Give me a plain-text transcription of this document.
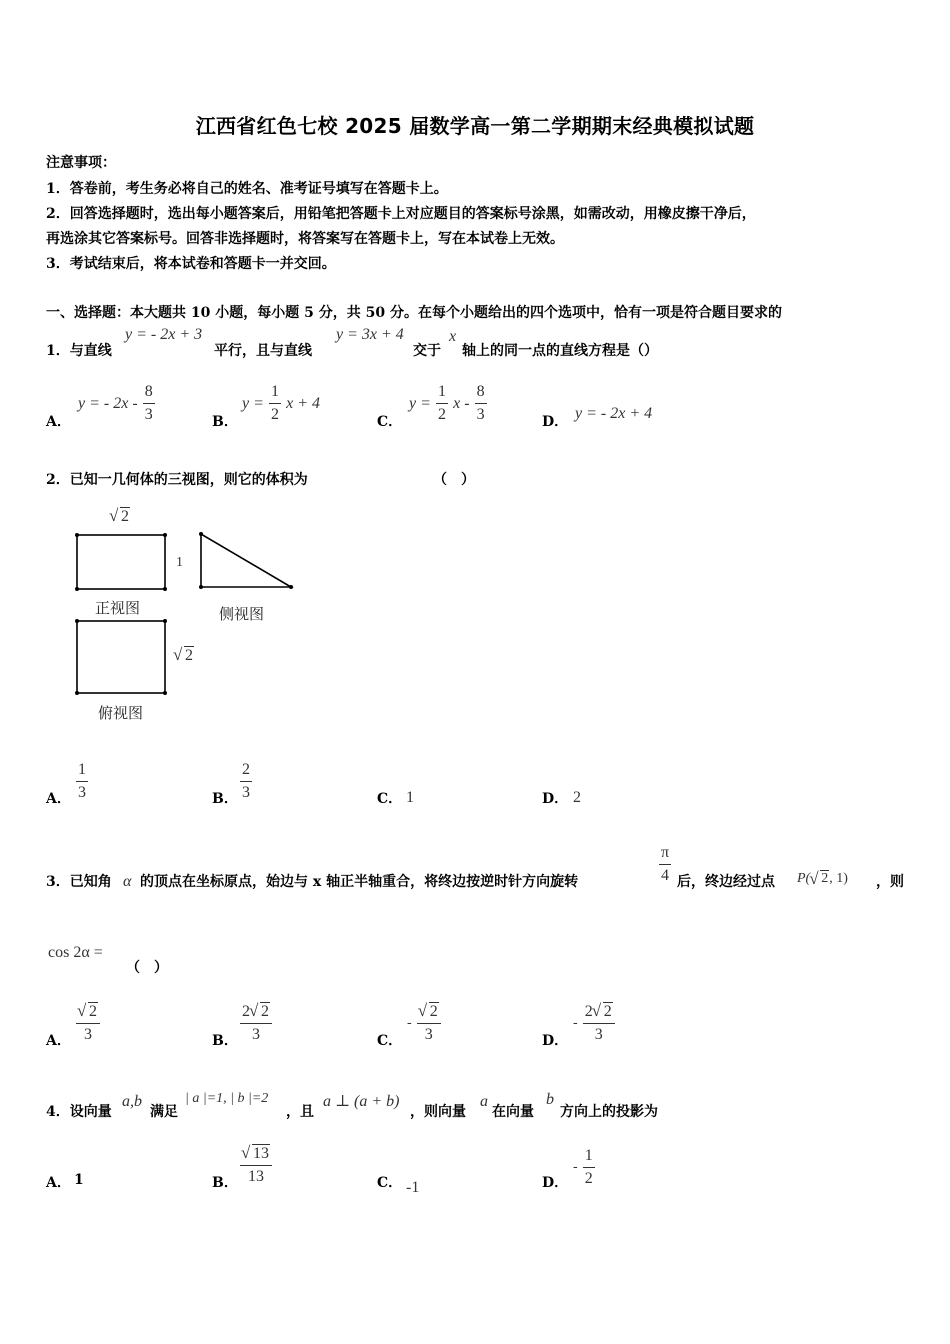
江西省红色七校 2025 届数学高一第二学期期末经典模拟试题
注意事项：
1．答卷前，考生务必将自己的姓名、准考证号填写在答题卡上。
2．回答选择题时，选出每小题答案后，用铅笔把答题卡上对应题目的答案标号涂黑，如需改动，用橡皮擦干净后，
再选涂其它答案标号。回答非选择题时，将答案写在答题卡上，写在本试卷上无效。
3．考试结束后，将本试卷和答题卡一并交回。
一、选择题：本大题共 10 小题，每小题 5 分，共 50 分。在每个小题给出的四个选项中，恰有一项是符合题目要求的
1．与直线
y = - 2x + 3
平行，且与直线
y = 3x + 4
交于
x
轴上的同一点的直线方程是（）
A．
y = - $2x - \frac{8}{3}$	B．
$y = \frac{1}{2}$ x + 4
C．
$y = \frac{1}{2}$ x - $\frac{8}{3}$	D． y = - 2x + 4
2．已知一几何体的三视图，则它的体积为	（　）
√ 2
1
√ 2
正视图	侧视图
俯视图
A． $\frac{1}{3}$	B． $\frac{2}{3}$	C． 1	D． 2
3．已知角 α 的顶点在坐标原点，始边与 x 轴正半轴重合，将终边按逆时针方向旋转	$\frac{\pi}{4}$ 后，终边经过点 P( √ 2, 1) ，则
cos 2α =
（　）
A． √ $\frac{2}{3}$	B． $\frac{2 √ 2}{3}$	C．
- √ $\frac{2}{3}$	D．
- $\frac{2 √ 2}{3}$
4．设向量
a,b
满足
| a |=1, | b |=2
，且
a ⊥ (a + b)
，则向量
a
在向量
b
方向上的投影为
A． 1	B． √ $\frac{13}{13}$	C． -1	D．
- $\frac{1}{2}$
